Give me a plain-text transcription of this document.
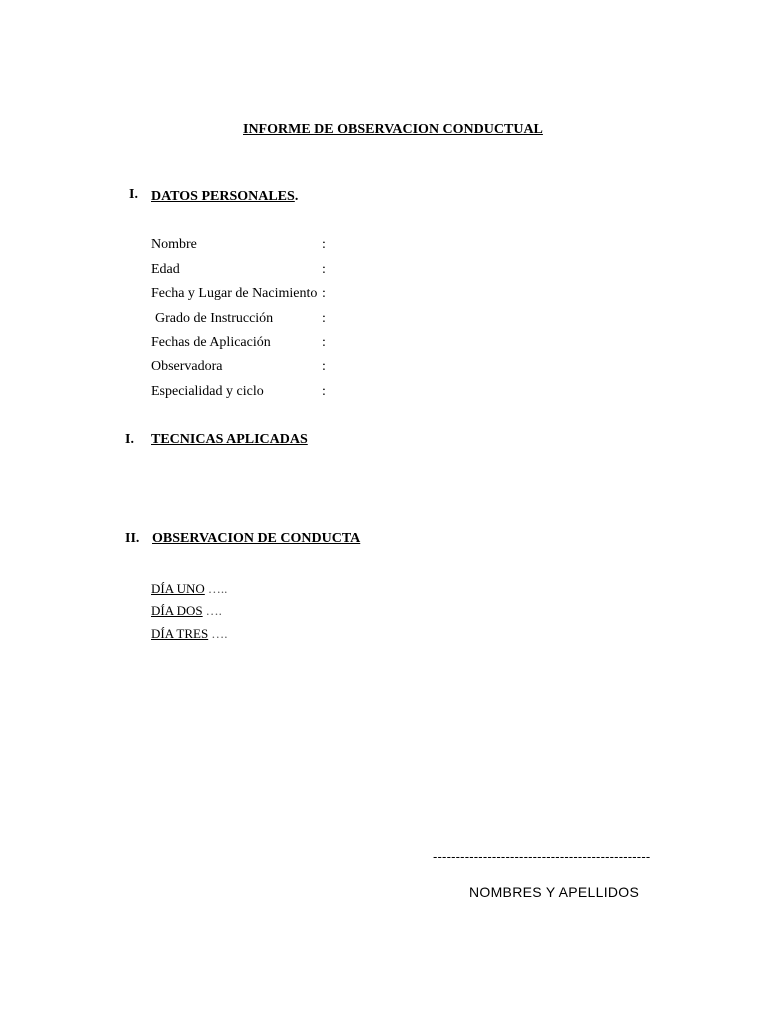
INFORME DE OBSERVACION CONDUCTUAL
I. DATOS PERSONALES.
Nombre	:
Edad	:
Fecha y Lugar de Nacimiento :
Grado de Instrucción	:
Fechas de Aplicación	:
Observadora	:
Especialidad y ciclo	:
I. TECNICAS APLICADAS
II. OBSERVACION DE CONDUCTA
DÍA UNO …..
DÍA DOS ….
DÍA TRES ….
------------------------------------------------
NOMBRES Y APELLIDOS
